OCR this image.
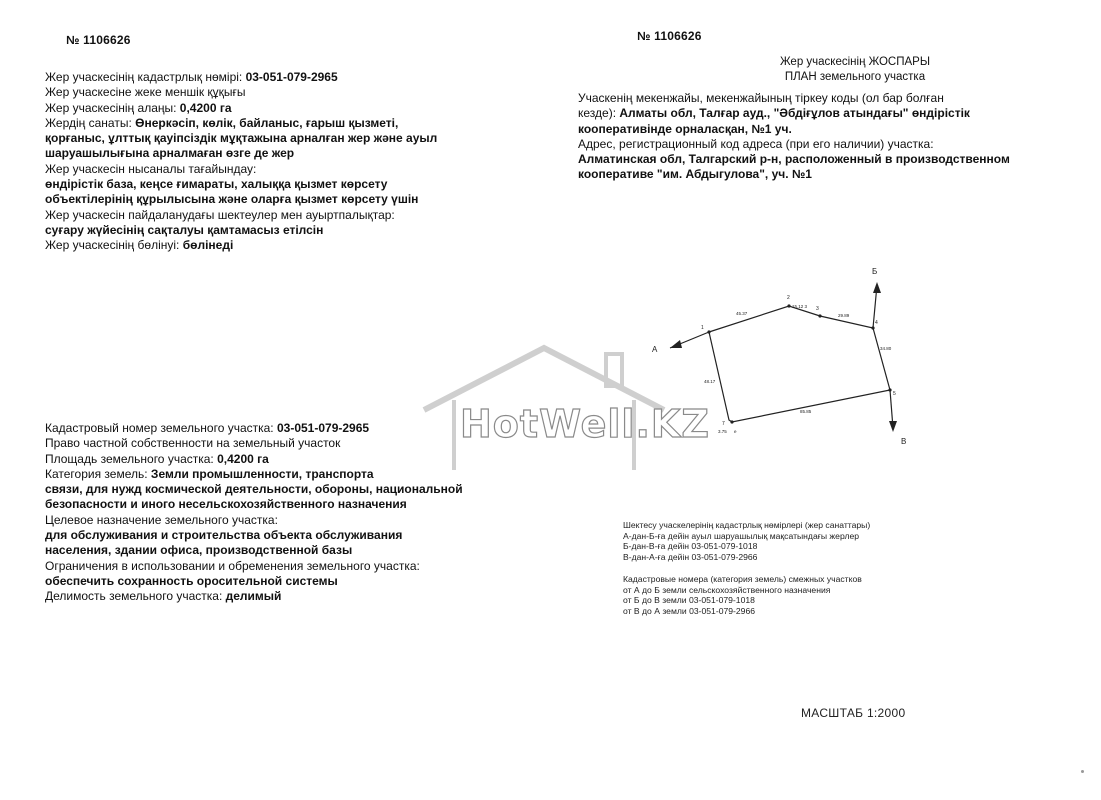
№ 1106626	№ 1106626
Жер учаскесінің ЖОСПАРЫ
ПЛАН земельного участка
Жер учаскесінің кадастрлық нөмірі: 03-051-079-2965
Жер учаскесіне жеке меншік құқығы
Жер учаскесінің алаңы: 0,4200 га
Жердің санаты: Өнеркәсіп, көлік, байланыс, ғарыш қызметі,
қорғаныс, ұлттық қауіпсіздік мұқтажына арналған жер және ауыл
шаруашылығына арналмаған өзге де жер
Жер учаскесін нысаналы тағайындау:
өндірістік база, кеңсе ғимараты, халыққа қызмет көрсету
объектілерінің құрылысына және оларға қызмет көрсету үшін
Жер учаскесін пайдаланудағы шектеулер мен ауыртпалықтар:
суғару жүйесінің сақталуы қамтамасыз етілсін
Жер учаскесінің бөлінуі: бөлінеді
Кадастровый номер земельного участка: 03-051-079-2965
Право частной собственности на земельный участок
Площадь земельного участка: 0,4200 га
Категория земель: Земли промышленности, транспорта
связи, для нужд космической деятельности, обороны, национальной
безопасности и иного несельскохозяйственного назначения
Целевое назначение земельного участка:
для обслуживания и строительства объекта обслуживания
населения, здании офиса, производственной базы
Ограничения в использовании и обременения земельного участка:
обеспечить сохранность оросительной системы
Делимость земельного участка: делимый
Учаскенің мекенжайы, мекенжайының тіркеу коды (ол бар болған
кезде): Алматы обл, Талғар ауд., "Әбдіғұлов атындағы" өндірістік
кооперативінде орналасқан, №1 уч.
Адрес, регистрационный код адреса (при его наличии) участка:
Алматинская обл, Талгарский р-н, расположенный в производственном
кооперативе "им. Абдыгулова", уч. №1
HotWell.KZ
А
Б
В
1
2
3
4
5
7
45.37
15.12 3
29.89
34.80
85.85
48.17
3.75 е
Шектесу учаскелерінің кадастрлық нөмірлері (жер санаттары)
А-дан-Б-ға дейін ауыл шаруашылық мақсатындағы жерлер
Б-дан-В-ға дейін 03-051-079-1018
В-дан-А-ға дейін 03-051-079-2966
Кадастровые номера (категория земель) смежных участков
от А до Б земли сельскохозяйственного назначения
от Б до В земли 03-051-079-1018
от В до А земли 03-051-079-2966
МАСШТАБ 1:2000
